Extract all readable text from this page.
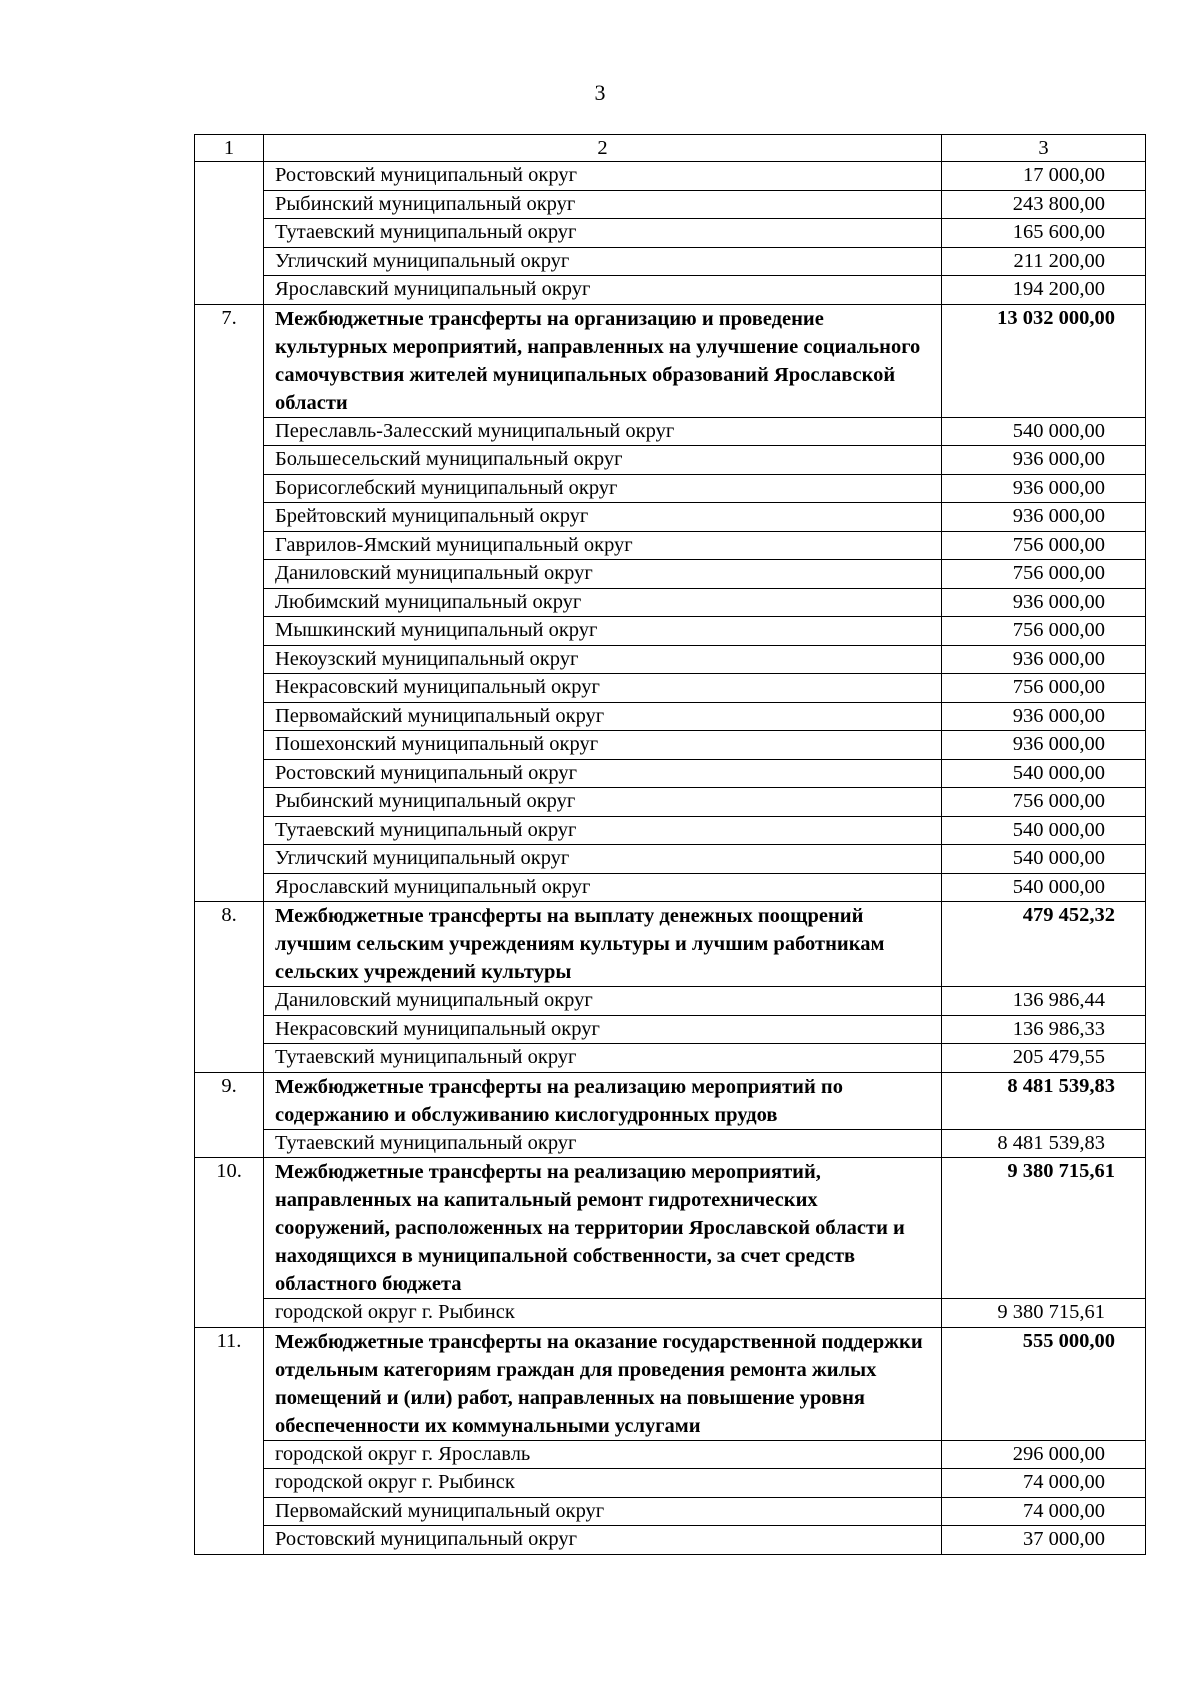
3
1	2	3
	Ростовский муниципальный округ	17 000,00
	Рыбинский муниципальный округ	243 800,00
	Тутаевский муниципальный округ	165 600,00
	Угличский муниципальный округ	211 200,00
	Ярославский муниципальный округ	194 200,00
7.	Межбюджетные трансферты на организацию и проведение культурных мероприятий, направленных на улучшение социального самочувствия жителей муниципальных образований Ярославской области	13 032 000,00
	Переславль-Залесский муниципальный округ	540 000,00
	Большесельский муниципальный округ	936 000,00
	Борисоглебский муниципальный округ	936 000,00
	Брейтовский муниципальный округ	936 000,00
	Гаврилов-Ямский муниципальный округ	756 000,00
	Даниловский муниципальный округ	756 000,00
	Любимский муниципальный округ	936 000,00
	Мышкинский муниципальный округ	756 000,00
	Некоузский муниципальный округ	936 000,00
	Некрасовский муниципальный округ	756 000,00
	Первомайский муниципальный округ	936 000,00
	Пошехонский муниципальный округ	936 000,00
	Ростовский муниципальный округ	540 000,00
	Рыбинский муниципальный округ	756 000,00
	Тутаевский муниципальный округ	540 000,00
	Угличский муниципальный округ	540 000,00
	Ярославский муниципальный округ	540 000,00
8.	Межбюджетные трансферты на выплату денежных поощрений лучшим сельским учреждениям культуры и лучшим работникам сельских учреждений культуры	479 452,32
	Даниловский муниципальный округ	136 986,44
	Некрасовский муниципальный округ	136 986,33
	Тутаевский муниципальный округ	205 479,55
9.	Межбюджетные трансферты на реализацию мероприятий по содержанию и обслуживанию кислогудронных прудов	8 481 539,83
	Тутаевский муниципальный округ	8 481 539,83
10.	Межбюджетные трансферты на реализацию мероприятий, направленных на капитальный ремонт гидротехнических сооружений, расположенных на территории Ярославской области и находящихся в муниципальной собственности, за счет средств областного бюджета	9 380 715,61
	городской округ г. Рыбинск	9 380 715,61
11.	Межбюджетные трансферты на оказание государственной поддержки отдельным категориям граждан для проведения ремонта жилых помещений и (или) работ, направленных на повышение уровня обеспеченности их коммунальными услугами	555 000,00
	городской округ г. Ярославль	296 000,00
	городской округ г. Рыбинск	74 000,00
	Первомайский муниципальный округ	74 000,00
	Ростовский муниципальный округ	37 000,00
